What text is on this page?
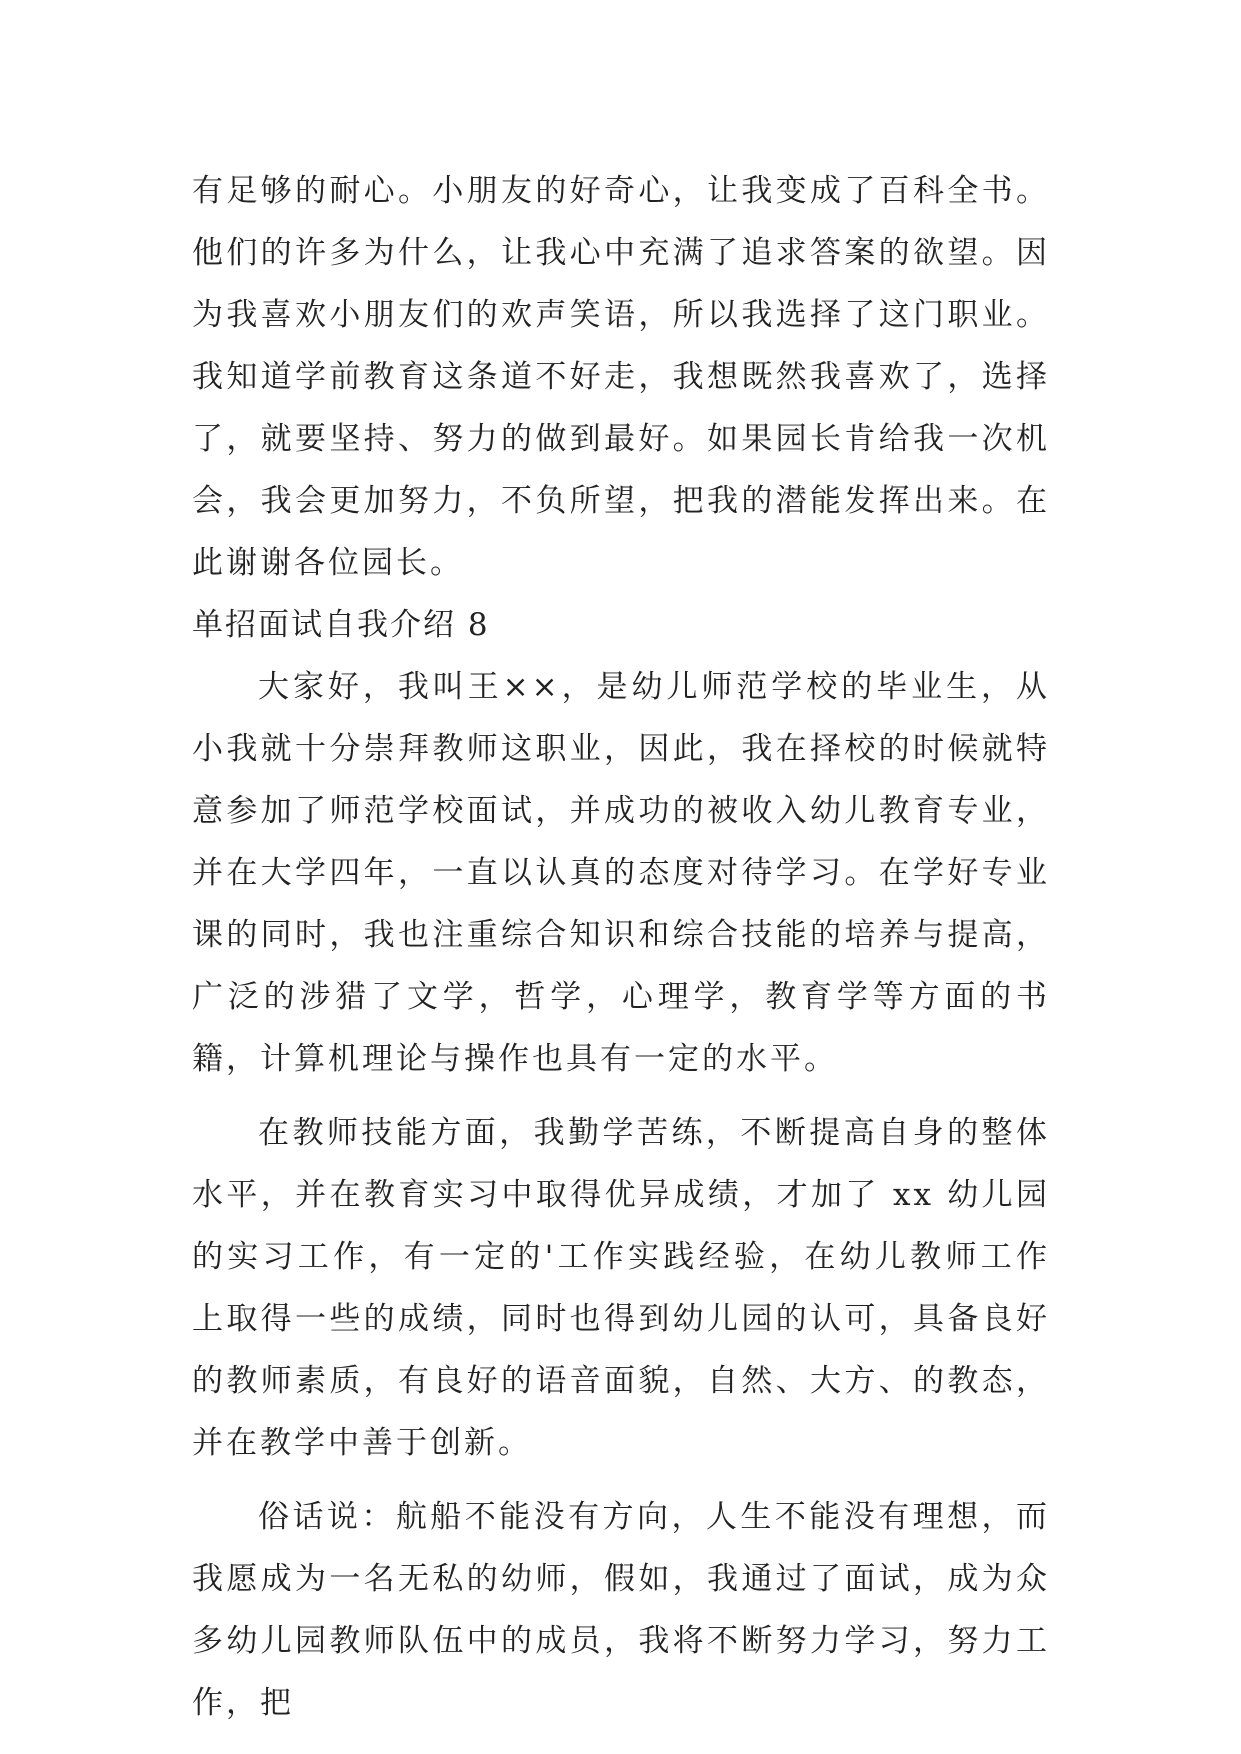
有足够的耐心。小朋友的好奇心，让我变成了百科全书。他们的许多为什么，让我心中充满了追求答案的欲望。因为我喜欢小朋友们的欢声笑语，所以我选择了这门职业。我知道学前教育这条道不好走，我想既然我喜欢了，选择了，就要坚持、努力的做到最好。如果园长肯给我一次机会，我会更加努力，不负所望，把我的潜能发挥出来。在此谢谢各位园长。

单招面试自我介绍 8

大家好，我叫王××，是幼儿师范学校的毕业生，从小我就十分崇拜教师这职业，因此，我在择校的时候就特意参加了师范学校面试，并成功的被收入幼儿教育专业，并在大学四年，一直以认真的态度对待学习。在学好专业课的同时，我也注重综合知识和综合技能的培养与提高，广泛的涉猎了文学，哲学，心理学，教育学等方面的书籍，计算机理论与操作也具有一定的水平。

在教师技能方面，我勤学苦练，不断提高自身的整体水平，并在教育实习中取得优异成绩，才加了 xx 幼儿园的实习工作，有一定的'工作实践经验，在幼儿教师工作上取得一些的成绩，同时也得到幼儿园的认可，具备良好的教师素质，有良好的语音面貌，自然、大方、的教态，并在教学中善于创新。

俗话说：航船不能没有方向，人生不能没有理想，而我愿成为一名无私的幼师，假如，我通过了面试，成为众多幼儿园教师队伍中的成员，我将不断努力学习，努力工作，把
